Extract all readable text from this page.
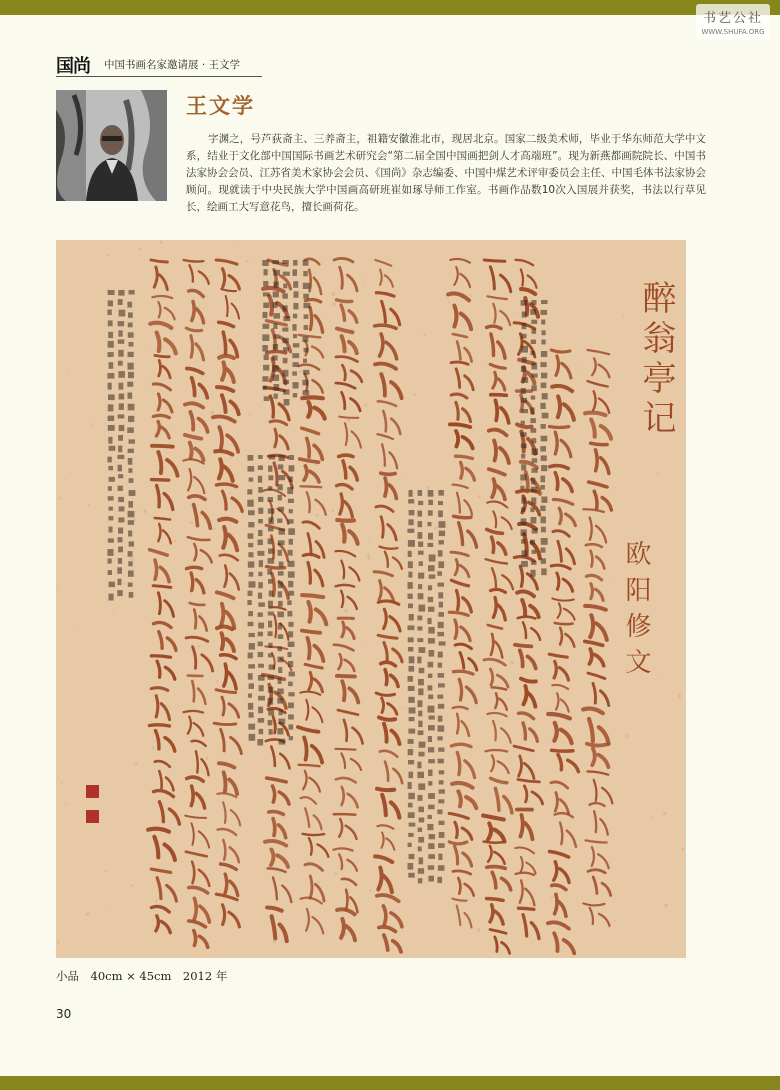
书艺公社
WWW.SHUFA.ORG
国尚 中国书画名家邀请展 · 王文学
王文学

字渊之，号芦荻斋主、三养斋主，祖籍安徽淮北市，现居北京。国家二级美术师，毕业于华东师范大学中文系，结业于文化部中国国际书画艺术研究会“第二届全国中国画把剑人才高端班”。现为新燕都画院院长、中国书法家协会会员、江苏省美术家协会会员、《国尚》杂志编委、中国中煤艺术评审委员会主任、中国毛体书法家协会顾问。现就读于中央民族大学中国画高研班崔如琢导师工作室。书画作品数10次入国展并获奖，书法以行草见长，绘画工大写意花鸟，擅长画荷花。

醉翁亭记
欧阳修文
小品　40cm × 45cm　2012 年
30
